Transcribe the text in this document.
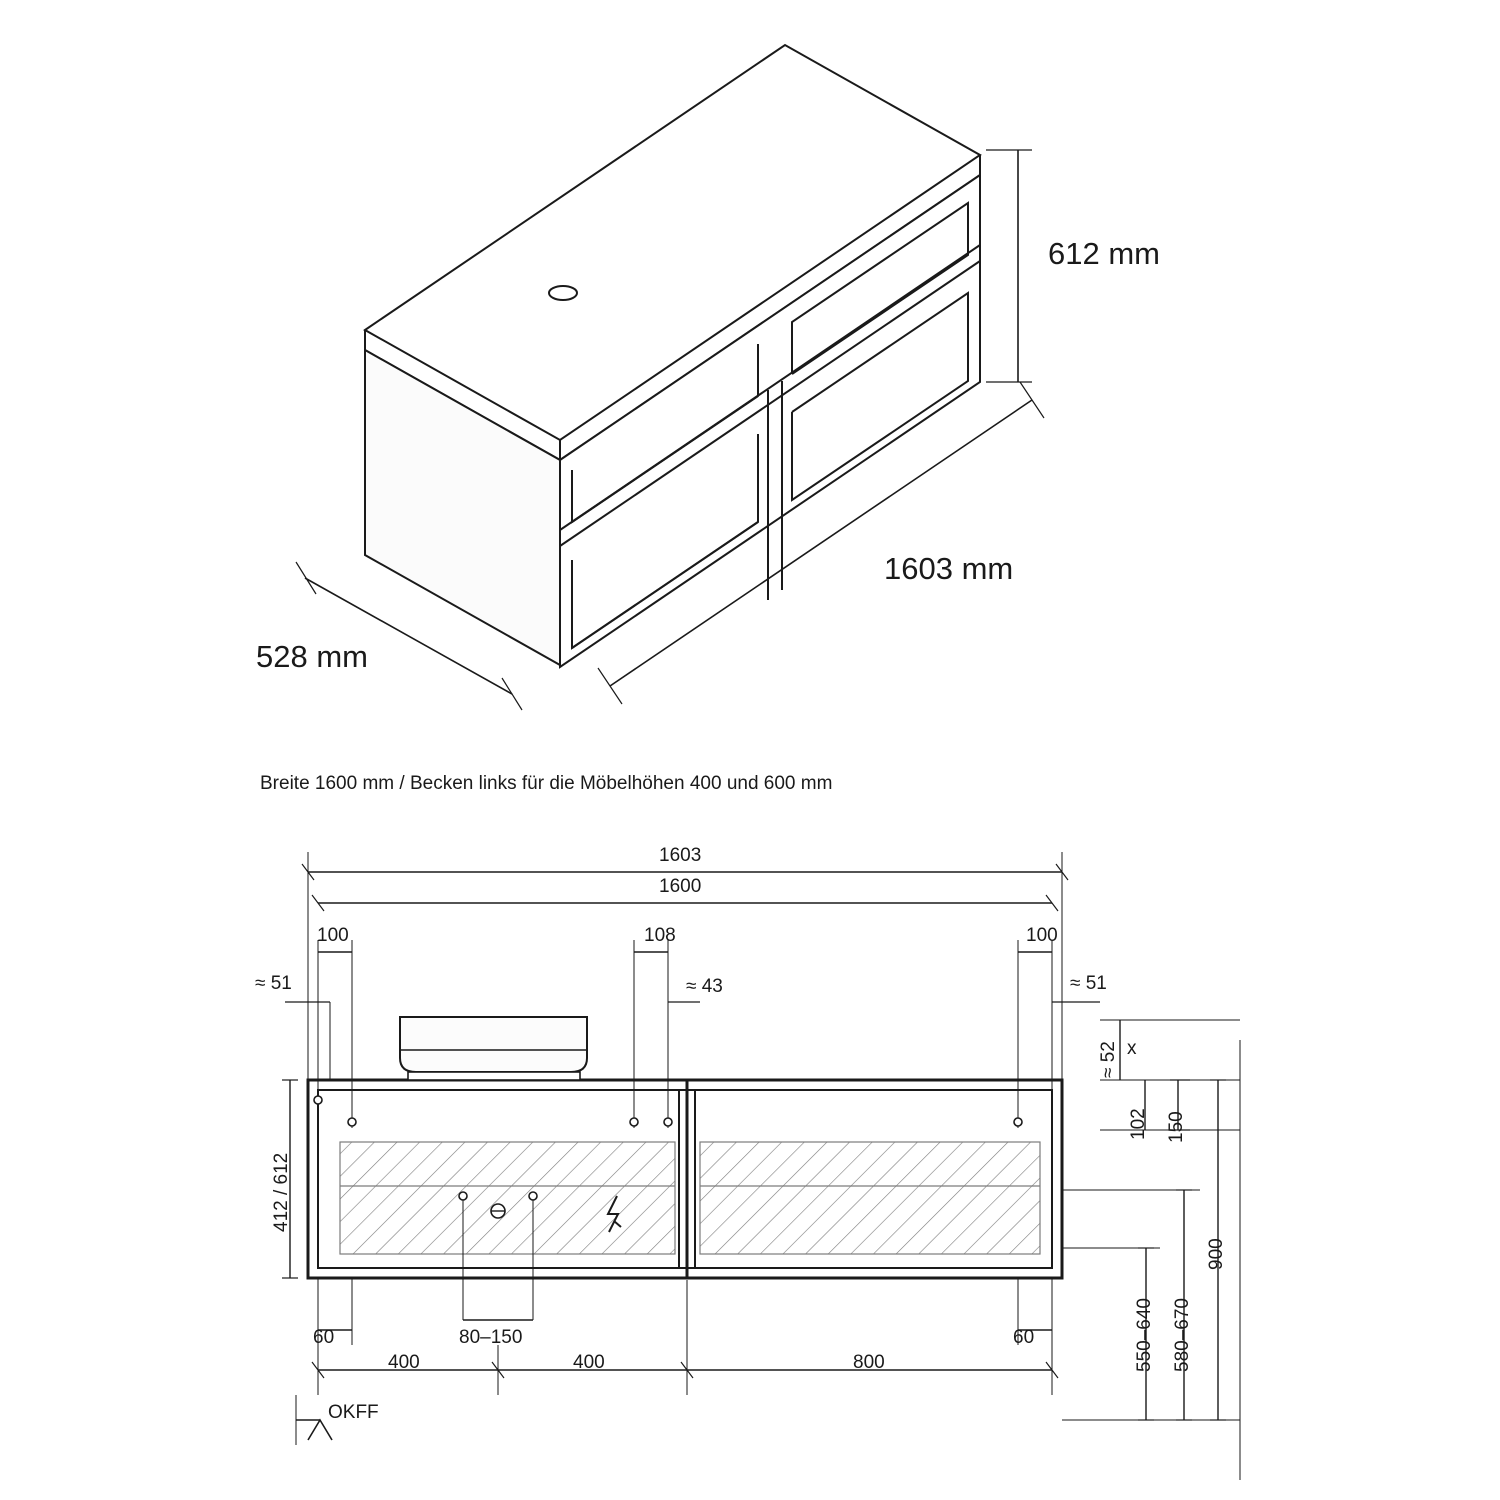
612 mm
1603 mm
528 mm
Breite 1600 mm / Becken links für die Möbelhöhen 400 und 600 mm
1603
1600
100	108	100
≈ 51	≈ 43	≈ 51
≈ 52 x
102 150
412 / 612
900
580–670
550–640
60	60
80–150
400	400	800
OKFF
